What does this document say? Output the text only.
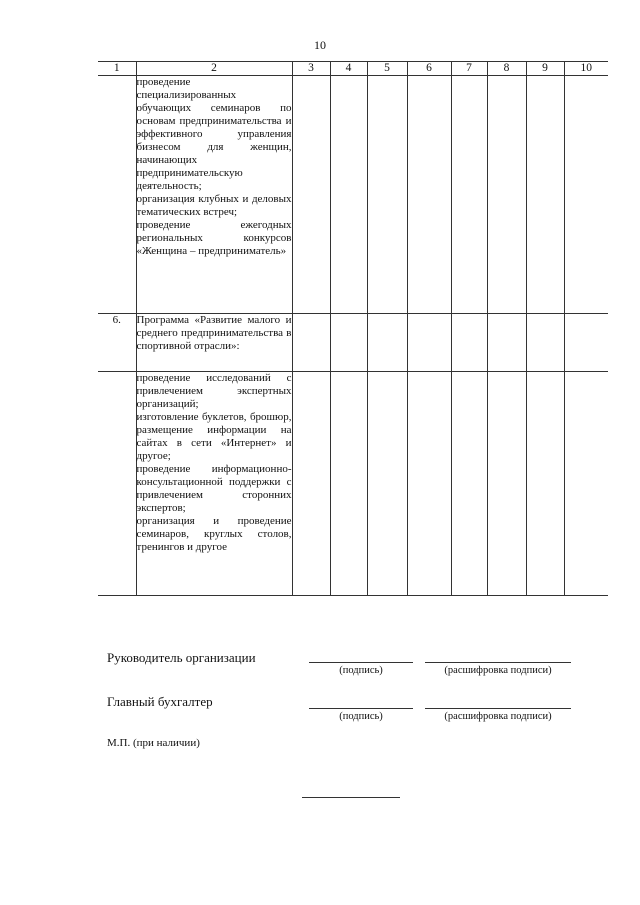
10
1	2	3	4	5	6	7	8	9	10

	проведение специализированных обучающих семинаров по основам предпринимательства и эффективного управления бизнесом для женщин, начинающих предпринимательскую деятельность;

организация клубных и деловых тематических встреч;

проведение ежегодных региональных конкурсов «Женщина – предприниматель»								

6.	Программа «Развитие малого и среднего предпринимательства в спортивной отрасли»:								

	проведение исследований с привлечением экспертных организаций;

изготовление буклетов, брошюр, размещение информации на сайтах в сети «Интернет» и другое;

проведение информационно-консультационной поддержки с привлечением сторонних экспертов;

организация и проведение семинаров, круглых столов, тренингов и другое								

Руководитель организации
(подпись)	(расшифровка подписи)
Главный бухгалтер
(подпись)	(расшифровка подписи)
М.П. (при наличии)
